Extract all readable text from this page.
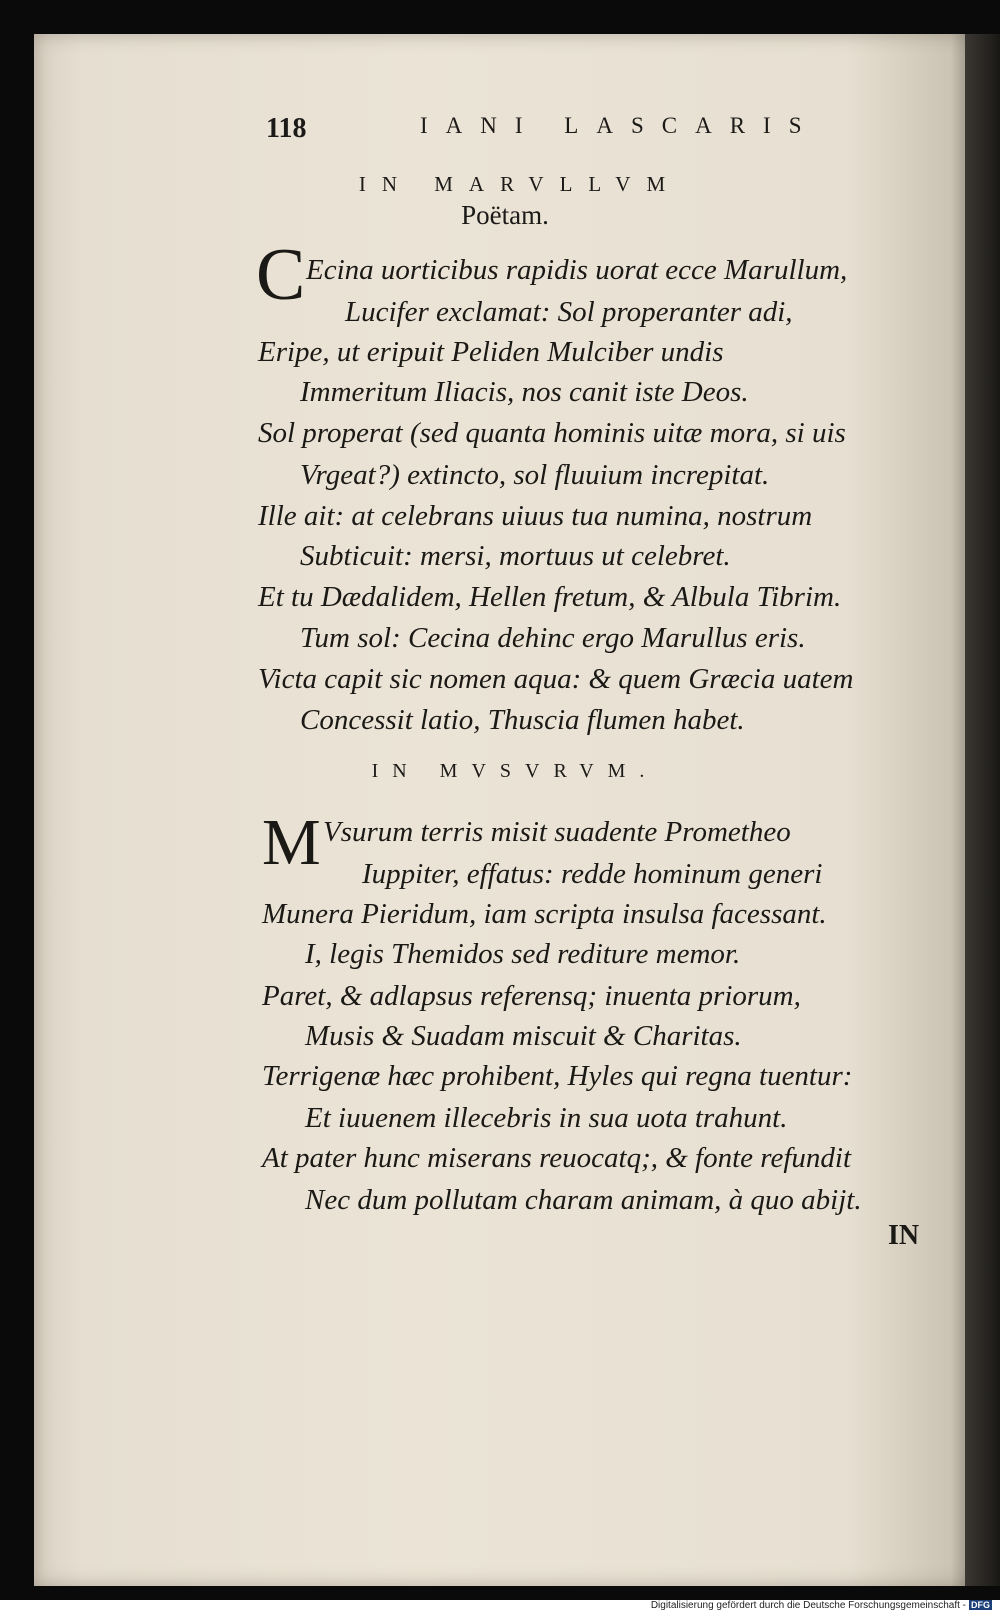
118	IANI LASCARIS
IN MARVLLVM
Poëtam.
C Ecina uorticibus rapidis uorat ecce Marullum,
Lucifer exclamat: Sol properanter adi,
Eripe, ut eripuit Peliden Mulciber undis
Immeritum Iliacis, nos canit iste Deos.
Sol properat (sed quanta hominis uitæ mora, si uis
Vrgeat?) extincto, sol fluuium increpitat.
Ille ait: at celebrans uiuus tua numina, nostrum
Subticuit: mersi, mortuus ut celebret.
Et tu Dædalidem, Hellen fretum, & Albula Tibrim.
Tum sol: Cecina dehinc ergo Marullus eris.
Victa capit sic nomen aqua: & quem Græcia uatem
Concessit latio, Thuscia flumen habet.
IN MVSVRVM.
M Vsurum terris misit suadente Prometheo
Iuppiter, effatus: redde hominum generi
Munera Pieridum, iam scripta insulsa facessant.
I, legis Themidos sed rediture memor.
Paret, & adlapsus referensq; inuenta priorum,
Musis & Suadam miscuit & Charitas.
Terrigenæ hæc prohibent, Hyles qui regna tuentur:
Et iuuenem illecebris in sua uota trahunt.
At pater hunc miserans reuocatq;, & fonte refundit
Nec dum pollutam charam animam, à quo abijt.
IN
Digitalisierung gefördert durch die Deutsche Forschungsgemeinschaft - DFG
